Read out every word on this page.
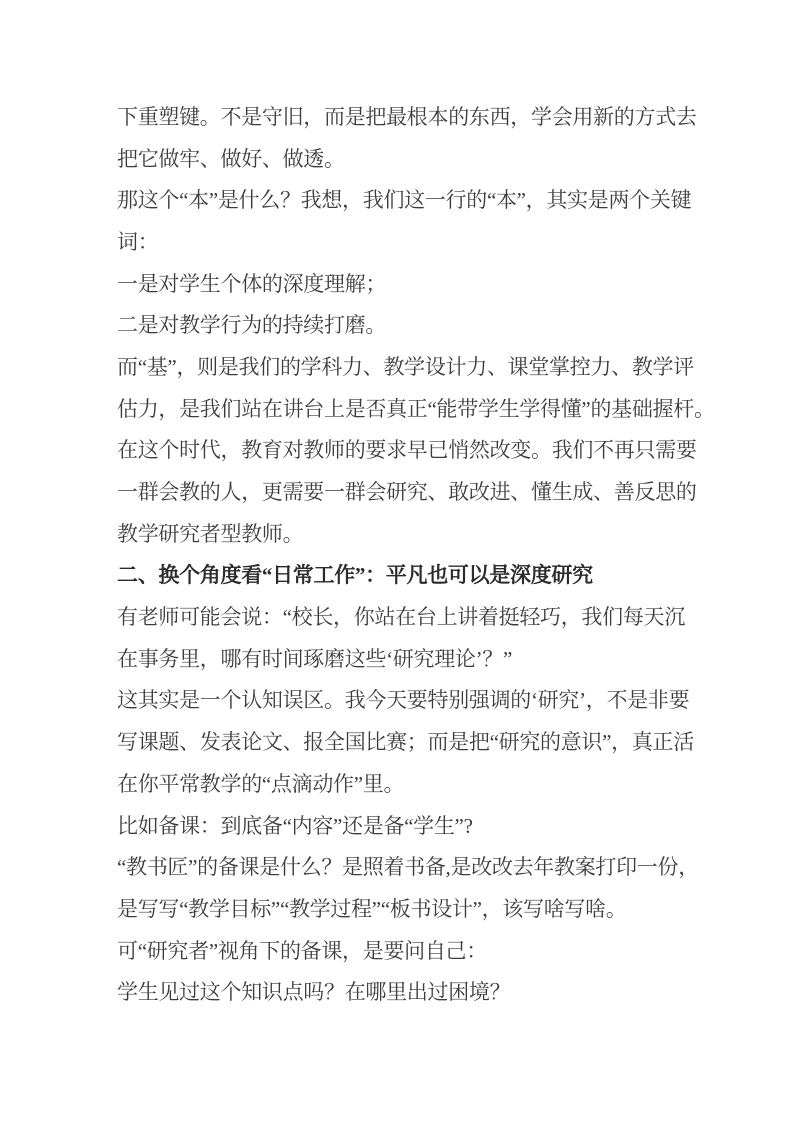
下重塑键。不是守旧，而是把最根本的东西，学会用新的方式去
把它做牢、做好、做透。
那这个“本”是什么？我想，我们这一行的“本”，其实是两个关键
词：
一是对学生个体的深度理解；
二是对教学行为的持续打磨。
而“基”，则是我们的学科力、教学设计力、课堂掌控力、教学评
估力，是我们站在讲台上是否真正“能带学生学得懂”的基础握杆。
在这个时代，教育对教师的要求早已悄然改变。我们不再只需要
一群会教的人，更需要一群会研究、敢改进、懂生成、善反思的
教学研究者型教师。
二、换个角度看“日常工作”：平凡也可以是深度研究
有老师可能会说：“校长，你站在台上讲着挺轻巧，我们每天沉
在事务里，哪有时间琢磨这些‘研究理论’？”
这其实是一个认知误区。我今天要特别强调的‘研究’，不是非要
写课题、发表论文、报全国比赛；而是把“研究的意识”，真正活
在你平常教学的“点滴动作”里。
比如备课：到底备“内容”还是备“学生”?
“教书匠”的备课是什么？是照着书备,是改改去年教案打印一份，
是写写“教学目标”“教学过程”“板书设计”，该写啥写啥。
可“研究者”视角下的备课，是要问自己：
学生见过这个知识点吗？在哪里出过困境？
